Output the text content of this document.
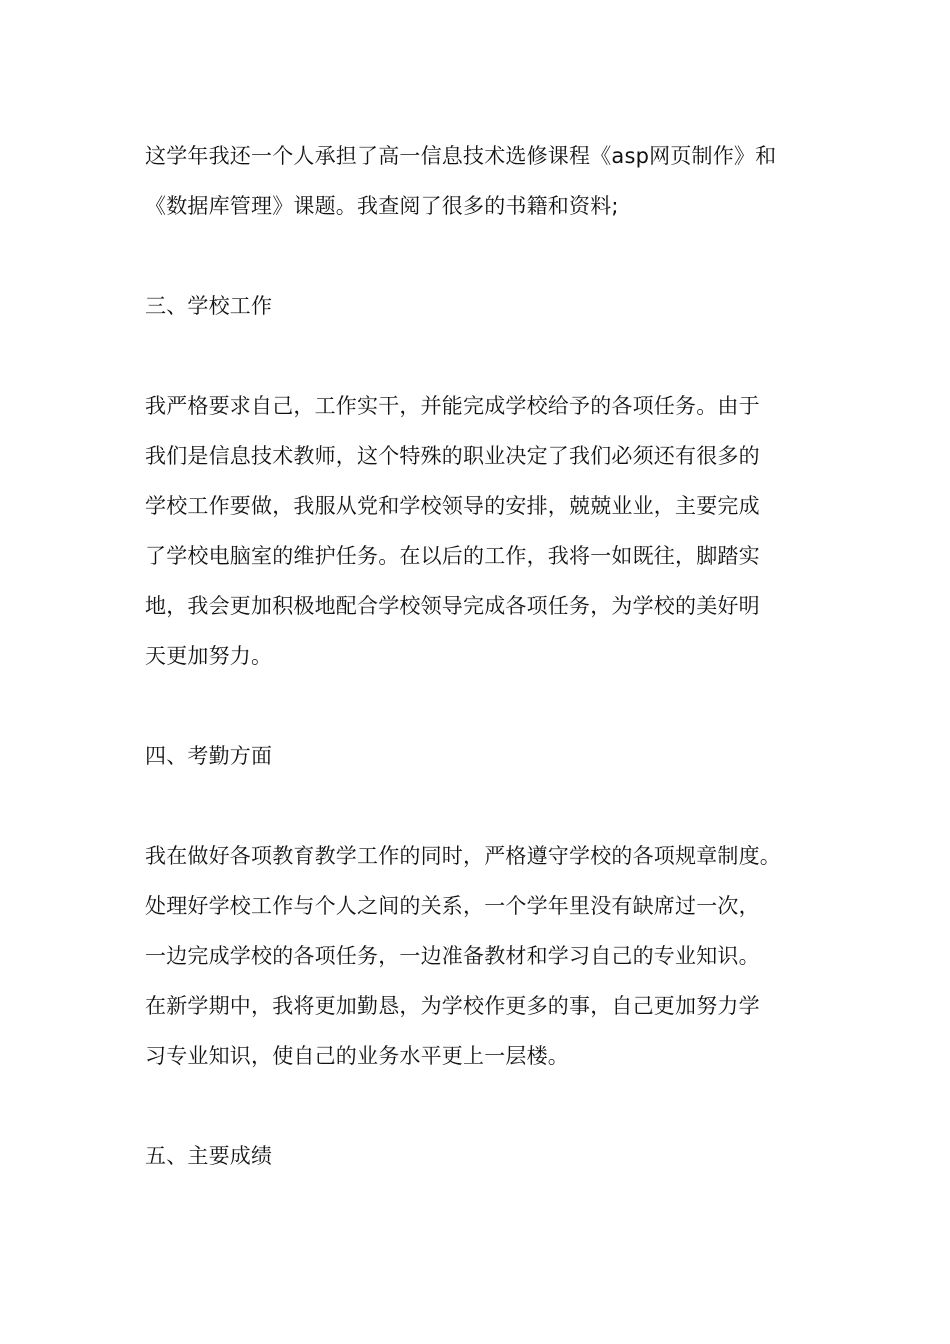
这学年我还一个人承担了高一信息技术选修课程《asp网页制作》和
《数据库管理》课题。我查阅了很多的书籍和资料;
三、学校工作
我严格要求自己，工作实干，并能完成学校给予的各项任务。由于
我们是信息技术教师，这个特殊的职业决定了我们必须还有很多的
学校工作要做，我服从党和学校领导的安排，兢兢业业，主要完成
了学校电脑室的维护任务。在以后的工作，我将一如既往，脚踏实
地，我会更加积极地配合学校领导完成各项任务，为学校的美好明
天更加努力。
四、考勤方面
我在做好各项教育教学工作的同时，严格遵守学校的各项规章制度。
处理好学校工作与个人之间的关系，一个学年里没有缺席过一次，
一边完成学校的各项任务，一边准备教材和学习自己的专业知识。
在新学期中，我将更加勤恳，为学校作更多的事，自己更加努力学
习专业知识，使自己的业务水平更上一层楼。
五、主要成绩
